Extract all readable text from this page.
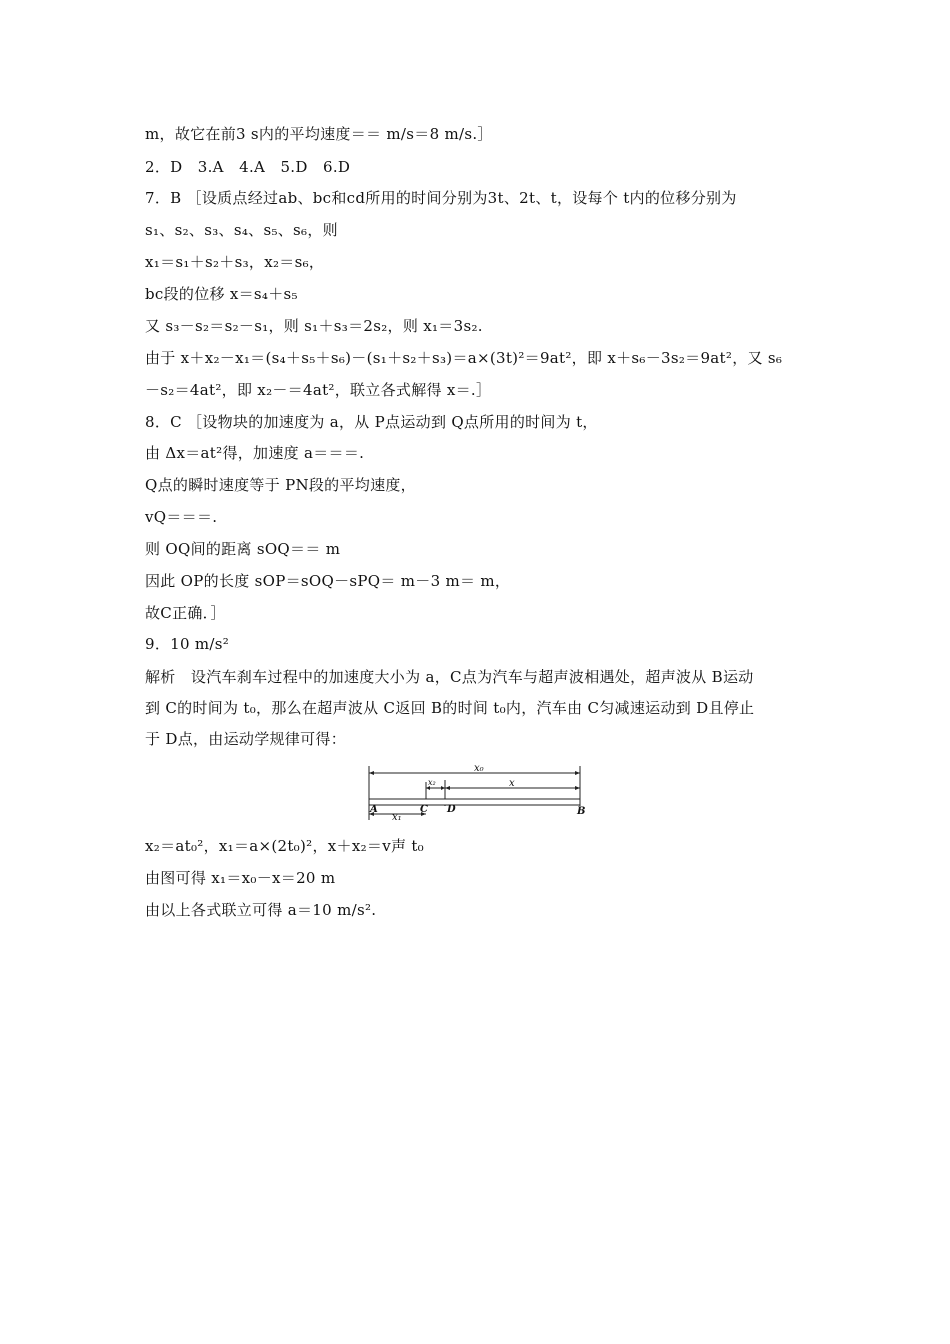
m，故它在前3 s内的平均速度＝＝ m/s＝8 m/s.］
2．D　3.A　4.A　5.D　6.D
7．B ［设质点经过ab、bc和cd所用的时间分别为3t、2t、t，设每个 t内的位移分别为
s₁、s₂、s₃、s₄、s₅、s₆，则
x₁＝s₁＋s₂＋s₃，x₂＝s₆，
bc段的位移 x＝s₄＋s₅
又 s₃－s₂＝s₂－s₁，则 s₁＋s₃＝2s₂，则 x₁＝3s₂.
由于 x＋x₂－x₁＝(s₄＋s₅＋s₆)－(s₁＋s₂＋s₃)＝a×(3t)²＝9at²，即 x＋s₆－3s₂＝9at²，又 s₆
－s₂＝4at²，即 x₂－＝4at²，联立各式解得 x＝.］
8．C ［设物块的加速度为 a，从 P点运动到 Q点所用的时间为 t，
由 Δx＝at²得，加速度 a＝＝＝.
Q点的瞬时速度等于 PN段的平均速度，
vQ＝＝＝.
则 OQ间的距离 sOQ＝＝ m
因此 OP的长度 sOP＝sOQ－sPQ＝ m－3 m＝ m，
故C正确．］
9．10 m/s²
解析　设汽车刹车过程中的加速度大小为 a，C点为汽车与超声波相遇处，超声波从 B运动
到 C的时间为 t₀，那么在超声波从 C返回 B的时间 t₀内，汽车由 C匀减速运动到 D且停止
于 D点，由运动学规律可得：
x₀
x
x₂
x₁
A	C D	B
x₂＝at₀²，x₁＝a×(2t₀)²，x＋x₂＝v声 t₀
由图可得 x₁＝x₀－x＝20 m
由以上各式联立可得 a＝10 m/s².
